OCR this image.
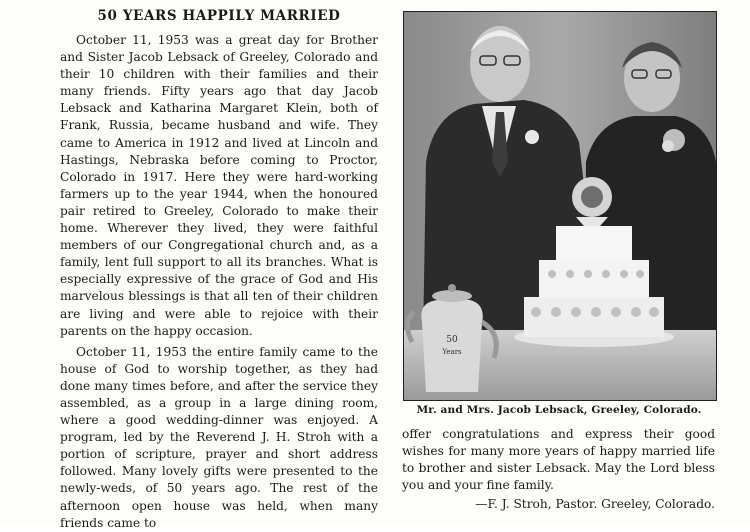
50 YEARS HAPPILY MARRIED

October 11, 1953 was a great day for Brother and Sister Jacob Lebsack of Greeley, Colorado and their 10 children with their families and their many friends. Fifty years ago that day Jacob Lebsack and Katharina Margaret Klein, both of Frank, Russia, became husband and wife. They came to America in 1912 and lived at Lincoln and Hastings, Nebraska before coming to Proctor, Colorado in 1917. Here they were hard-working farmers up to the year 1944, when the honoured pair retired to Greeley, Colorado to make their home. Wherever they lived, they were faithful members of our Congregational church and, as a family, lent full support to all its branches. What is especially expressive of the grace of God and His marvelous blessings is that all ten of their children are living and were able to rejoice with their parents on the happy occasion.

October 11, 1953 the entire family came to the house of God to worship together, as they had done many times before, and after the service they assembled, as a group in a large dining room, where a good wedding-dinner was enjoyed. A program, led by the Reverend J. H. Stroh with a portion of scripture, prayer and short address followed. Many lovely gifts were presented to the newly-weds, of 50 years ago. The rest of the afternoon open house was held, when many friends came to

50
Years
Mr. and Mrs. Jacob Lebsack, Greeley, Colorado.

offer congratulations and express their good wishes for many more years of happy married life to brother and sister Lebsack. May the Lord bless you and your fine family.

—F. J. Stroh, Pastor. Greeley, Colorado.
